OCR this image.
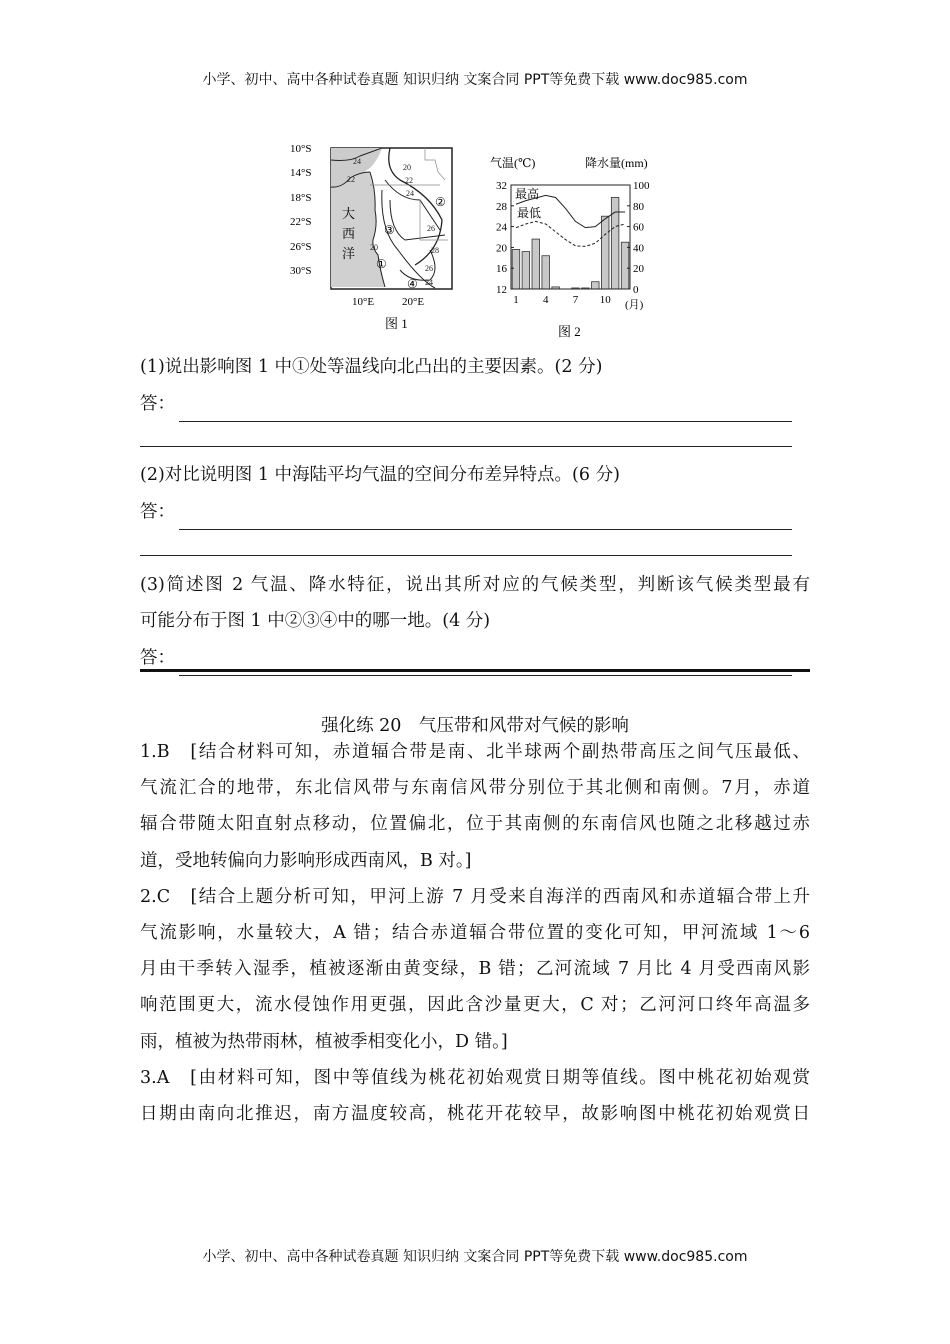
小学、初中、高中各种试卷真题 知识归纳 文案合同 PPT等免费下载 www.doc985.com
10°S
14°S
18°S
22°S
26°S
30°S
10°E	20°E
大
西
洋
24
22
20
22
24
26
28
26
24
20
①
②
③
④
图 1
气温(℃)	降水量(mm)
32
28
24
20
16
12
100
80
60
40
20
0
1 4 7 10
最高
最低
(月)
图 2
(1)说出影响图 1 中①处等温线向北凸出的主要因素。(2 分)
答：
(2)对比说明图 1 中海陆平均气温的空间分布差异特点。(6 分)
答：
(3)简述图 2 气温、降水特征，说出其所对应的气候类型，判断该气候类型最有
可能分布于图 1 中②③④中的哪一地。(4 分)
答：
强化练 20　气压带和风带对气候的影响
1.B　[结合材料可知，赤道辐合带是南、北半球两个副热带高压之间气压最低、
气流汇合的地带，东北信风带与东南信风带分别位于其北侧和南侧。7月，赤道
辐合带随太阳直射点移动，位置偏北，位于其南侧的东南信风也随之北移越过赤
道，受地转偏向力影响形成西南风，B 对。]
2.C　[结合上题分析可知，甲河上游 7 月受来自海洋的西南风和赤道辐合带上升
气流影响，水量较大，A 错；结合赤道辐合带位置的变化可知，甲河流域 1～6
月由干季转入湿季，植被逐渐由黄变绿，B 错；乙河流域 7 月比 4 月受西南风影
响范围更大，流水侵蚀作用更强，因此含沙量更大，C 对；乙河河口终年高温多
雨，植被为热带雨林，植被季相变化小，D 错。]
3.A　[由材料可知，图中等值线为桃花初始观赏日期等值线。图中桃花初始观赏
日期由南向北推迟，南方温度较高，桃花开花较早，故影响图中桃花初始观赏日
小学、初中、高中各种试卷真题 知识归纳 文案合同 PPT等免费下载 www.doc985.com
